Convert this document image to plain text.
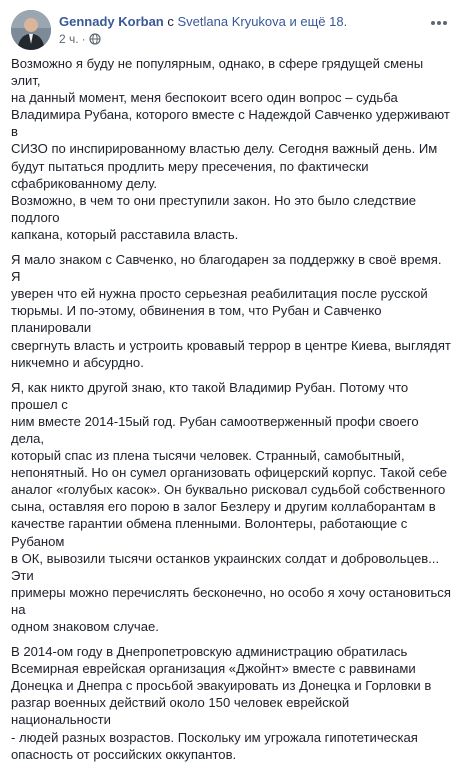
Gennady Korban с Svetlana Kryukova и ещё 18.
2 ч. ·
Возможно я буду не популярным, однако, в сфере грядущей смены элит,
на данный момент, меня беспокоит всего один вопрос – судьба
Владимира Рубана, которого вместе с Надеждой Савченко удерживают в
СИЗО по инспирированному властью делу. Сегодня важный день. Им
будут пытаться продлить меру пресечения, по фактически
сфабрикованному делу.
Возможно, в чем то они преступили закон. Но это было следствие подлого
капкана, который расставила власть.
Я мало знаком с Савченко, но благодарен за поддержку в своё время. Я
уверен что ей нужна просто серьезная реабилитация после русской
тюрьмы. И по-этому, обвинения в том, что Рубан и Савченко планировали
свергнуть власть и устроить кровавый террор в центре Киева, выглядят
никчемно и абсурдно.
Я, как никто другой знаю, кто такой Владимир Рубан. Потому что прошел с
ним вместе 2014-15ый год. Рубан самоотверженный профи своего дела,
который спас из плена тысячи человек. Странный, самобытный,
непонятный. Но он сумел организовать офицерский корпус. Такой себе
аналог «голубых касок». Он буквально рисковал судьбой собственного
сына, оставляя его порою в залог Безлеру и другим коллаборантам в
качестве гарантии обмена пленными. Волонтеры, работающие с Рубаном
в ОК, вывозили тысячи останков украинских солдат и добровольцев... Эти
примеры можно перечислять бесконечно, но особо я хочу остановиться на
одном знаковом случае.
В 2014-ом году в Днепропетровскую администрацию обратилась
Всемирная еврейская организация «Джойнт» вместе с раввинами
Донецка и Днепра с просьбой эвакуировать из Донецка и Горловки в
разгар военных действий около 150 человек еврейской национальности
- людей разных возрастов. Поскольку им угрожала гипотетическая
опасность от российских оккупантов.
